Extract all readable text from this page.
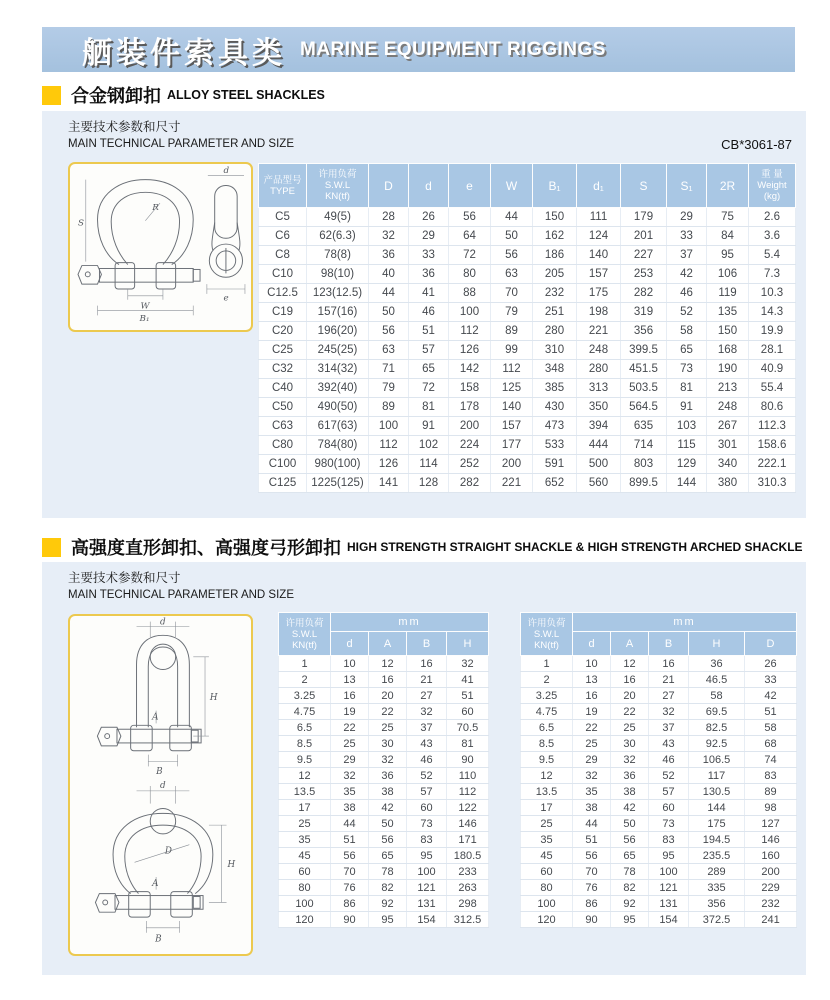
舾装件索具类 MARINE EQUIPMENT RIGGINGS
合金钢卸扣 ALLOY STEEL SHACKLES
主要技术参数和尺寸
MAIN TECHNICAL PARAMETER AND SIZE	CB*3061-87
S
R
W
B₁
d
e
产品型号
TYPE	许用负荷
S.W.L
KN(tf)	D	d	e	W	B₁	d₁	S	S₁	2R	重 量
Weight
(kg)
C5	49(5)	28	26	56	44	150	111	179	29	75	2.6
C6	62(6.3)	32	29	64	50	162	124	201	33	84	3.6
C8	78(8)	36	33	72	56	186	140	227	37	95	5.4
C10	98(10)	40	36	80	63	205	157	253	42	106	7.3
C12.5	123(12.5)	44	41	88	70	232	175	282	46	119	10.3
C19	157(16)	50	46	100	79	251	198	319	52	135	14.3
C20	196(20)	56	51	112	89	280	221	356	58	150	19.9
C25	245(25)	63	57	126	99	310	248	399.5	65	168	28.1
C32	314(32)	71	65	142	112	348	280	451.5	73	190	40.9
C40	392(40)	79	72	158	125	385	313	503.5	81	213	55.4
C50	490(50)	89	81	178	140	430	350	564.5	91	248	80.6
C63	617(63)	100	91	200	157	473	394	635	103	267	112.3
C80	784(80)	112	102	224	177	533	444	714	115	301	158.6
C100	980(100)	126	114	252	200	591	500	803	129	340	222.1
C125	1225(125)	141	128	282	221	652	560	899.5	144	380	310.3
高强度直形卸扣、高强度弓形卸扣 HIGH STRENGTH STRAIGHT SHACKLE & HIGH STRENGTH ARCHED SHACKLE
主要技术参数和尺寸
MAIN TECHNICAL PARAMETER AND SIZE
d
H
A
B
d
D
H
A
B
许用负荷
S.W.L
KN(tf)	mm			
	d	A	B	H
1	10	12	16	32
2	13	16	21	41
3.25	16	20	27	51
4.75	19	22	32	60
6.5	22	25	37	70.5
8.5	25	30	43	81
9.5	29	32	46	90
12	32	36	52	110
13.5	35	38	57	112
17	38	42	60	122
25	44	50	73	146
35	51	56	83	171
45	56	65	95	180.5
60	70	78	100	233
80	76	82	121	263
100	86	92	131	298
120	90	95	154	312.5
许用负荷
S.W.L
KN(tf)	mm				
	d	A	B	H	D
1	10	12	16	36	26
2	13	16	21	46.5	33
3.25	16	20	27	58	42
4.75	19	22	32	69.5	51
6.5	22	25	37	82.5	58
8.5	25	30	43	92.5	68
9.5	29	32	46	106.5	74
12	32	36	52	117	83
13.5	35	38	57	130.5	89
17	38	42	60	144	98
25	44	50	73	175	127
35	51	56	83	194.5	146
45	56	65	95	235.5	160
60	70	78	100	289	200
80	76	82	121	335	229
100	86	92	131	356	232
120	90	95	154	372.5	241
